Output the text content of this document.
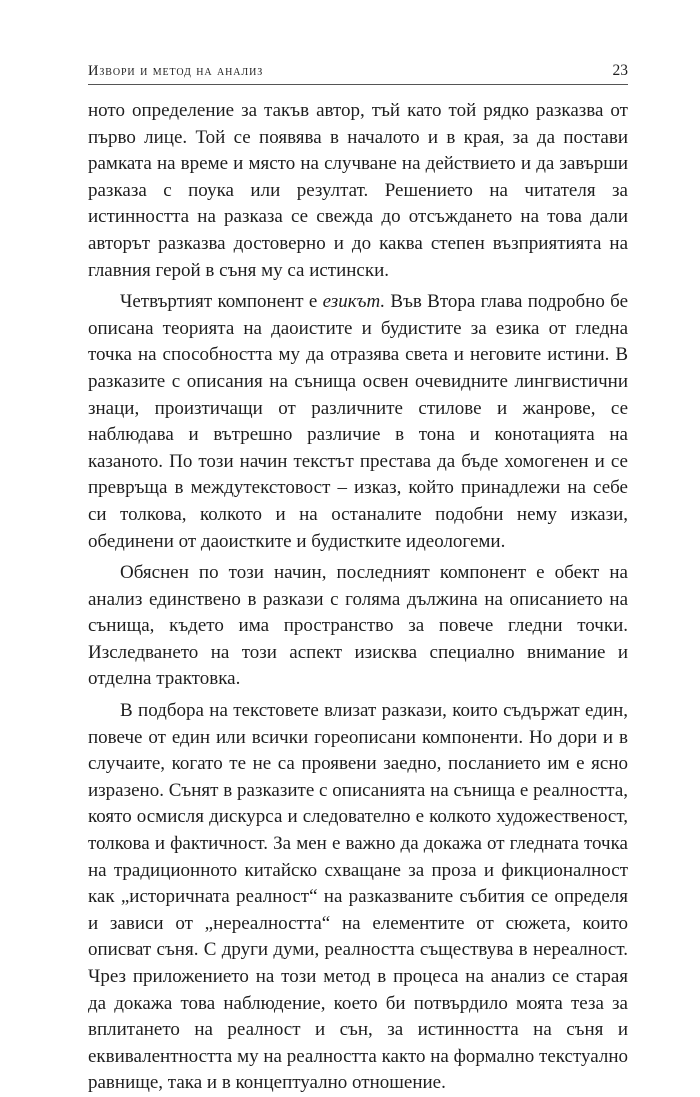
Извори и метод на анализ	23

ното определение за такъв автор, тъй като той рядко разказва от първо лице. Той се появява в началото и в края, за да постави рамката на време и място на случване на действието и да завърши разказа с поука или резултат. Решението на читателя за истинността на разказа се свежда до отсъждането на това дали авторът разказва достоверно и до каква степен възприятията на главния герой в съня му са истински.

Четвъртият компонент е езикът. Във Втора глава подробно бе описана теорията на даоистите и будистите за езика от гледна точка на способността му да отразява света и неговите истини. В разказите с описания на сънища освен очевидните лингвистични знаци, произтичащи от различните стилове и жанрове, се наблюдава и вътрешно различие в тона и конотацията на казаното. По този начин текстът престава да бъде хомогенен и се превръща в междутекстовост – изказ, който принадлежи на себе си толкова, колкото и на останалите подобни нему изкази, обединени от даоистките и будистките идеологеми.

Обяснен по този начин, последният компонент е обект на анализ единствено в разкази с голяма дължина на описанието на сънища, където има пространство за повече гледни точки. Изследването на този аспект изисква специално внимание и отделна трактовка.

В подбора на текстовете влизат разкази, които съдържат един, повече от един или всички гореописани компоненти. Но дори и в случаите, когато те не са проявени заедно, посланието им е ясно изразено. Сънят в разказите с описанията на сънища е реалността, която осмисля дискурса и следователно е колкото художественост, толкова и фактичност. За мен е важно да докажа от гледната точка на традиционното китайско схващане за проза и фикционалност как „историчната реалност“ на разказваните събития се определя и зависи от „нереалността“ на елементите от сюжета, които описват съня. С други думи, реалността съществува в нереалност. Чрез приложението на този метод в процеса на анализ се старая да докажа това наблюдение, което би потвърдило моята теза за вплитането на реалност и сън, за истинността на съня и еквивалентността му на реалността както на формално текстуално равнище, така и в концептуално отношение.
